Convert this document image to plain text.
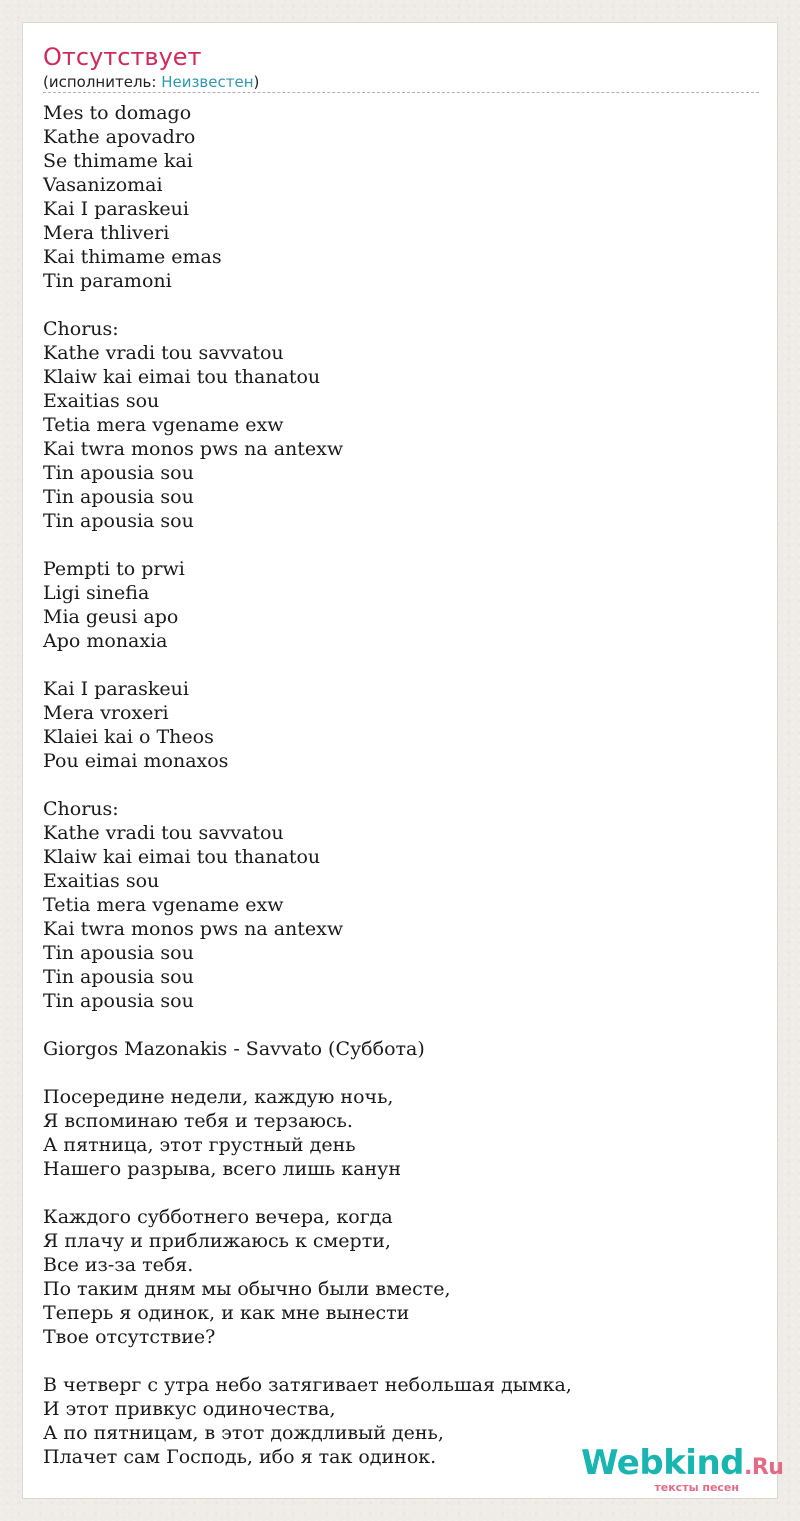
Отсутствует
(исполнитель: Неизвестен)
Mes to domago
Kathe apovadro
Se thimame kai
Vasanizomai
Kai I paraskeui
Mera thliveri
Kai thimame emas
Tin paramoni
Chorus:
Kathe vradi tou savvatou
Klaiw kai eimai tou thanatou
Exaitias sou
Tetia mera vgename exw
Kai twra monos pws na antexw
Tin apousia sou
Tin apousia sou
Tin apousia sou
Pempti to prwi
Ligi sinefia
Mia geusi apo
Apo monaxia
Kai I paraskeui
Mera vroxeri
Klaiei kai o Theos
Pou eimai monaxos
Chorus:
Kathe vradi tou savvatou
Klaiw kai eimai tou thanatou
Exaitias sou
Tetia mera vgename exw
Kai twra monos pws na antexw
Tin apousia sou
Tin apousia sou
Tin apousia sou
Giorgos Mazonakis - Savvato (Суббота)
Посередине недели, каждую ночь,
Я вспоминаю тебя и терзаюсь.
А пятница, этот грустный день
Нашего разрыва, всего лишь канун
Каждого субботнего вечера, когда
Я плачу и приближаюсь к смерти,
Все из-за тебя.
По таким дням мы обычно были вместе,
Теперь я одинок, и как мне вынести
Твое отсутствие?
В четверг с утра небо затягивает небольшая дымка,
И этот привкус одиночества,
А по пятницам, в этот дождливый день,
Плачет сам Господь, ибо я так одинок.	Webkind.Ru
тексты песен
